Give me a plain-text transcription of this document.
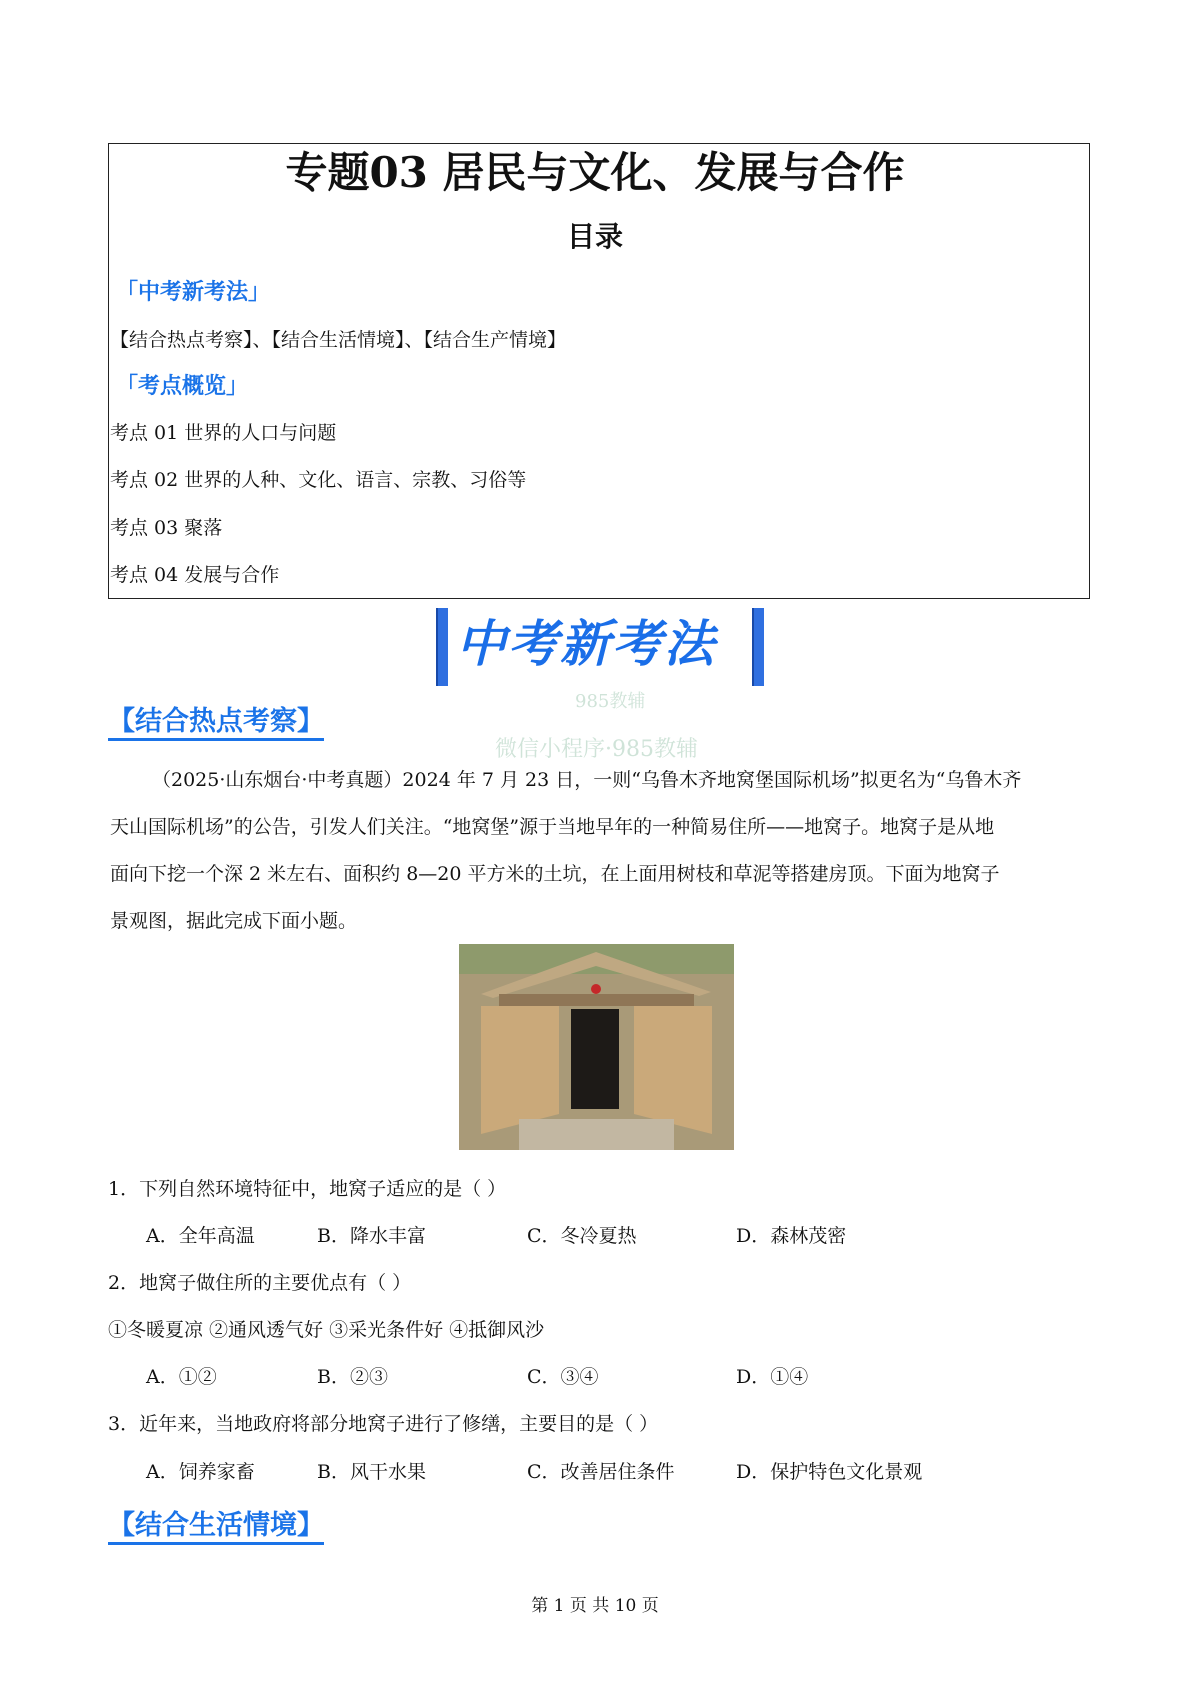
专题03 居民与文化、发展与合作
目录
「中考新考法」
【结合热点考察】、【结合生活情境】、【结合生产情境】
「考点概览」
考点 01 世界的人口与问题
考点 02 世界的人种、文化、语言、宗教、习俗等
考点 03 聚落
考点 04 发展与合作
中考新考法
985教辅
微信小程序·985教辅
【结合热点考察】
（2025·山东烟台·中考真题）2024 年 7 月 23 日，一则“乌鲁木齐地窝堡国际机场”拟更名为“乌鲁木齐
天山国际机场”的公告，引发人们关注。“地窝堡”源于当地早年的一种简易住所——地窝子。地窝子是从地
面向下挖一个深 2 米左右、面积约 8—20 平方米的土坑，在上面用树枝和草泥等搭建房顶。下面为地窝子
景观图，据此完成下面小题。
1．下列自然环境特征中，地窝子适应的是（ ）
A．全年高温	B．降水丰富	C．冬冷夏热	D．森林茂密
2．地窝子做住所的主要优点有（ ）
①冬暖夏凉 ②通风透气好 ③采光条件好 ④抵御风沙
A．①②	B．②③	C．③④	D．①④
3．近年来，当地政府将部分地窝子进行了修缮，主要目的是（ ）
A．饲养家畜	B．风干水果	C．改善居住条件	D．保护特色文化景观
【结合生活情境】
第 1 页 共 10 页
